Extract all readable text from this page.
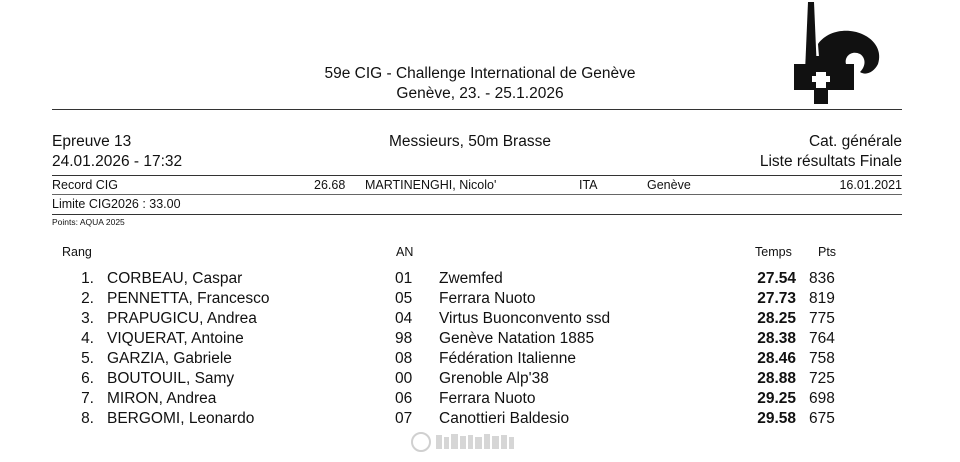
59e CIG - Challenge International de Genève
Genève, 23. - 25.1.2026
Epreuve 13
24.01.2026 - 17:32
Messieurs, 50m Brasse	Cat. générale
Liste résultats Finale
Record CIG	26.68 MARTINENGHI, Nicolo'	ITA	Genève	16.01.2021
Limite CIG2026 : 33.00
Points: AQUA 2025
Rang	AN	Temps Pts
1. CORBEAU, Caspar	01 Zwemfed	27.54 836
2. PENNETTA, Francesco	05 Ferrara Nuoto	27.73 819
3. PRAPUGICU, Andrea	04 Virtus Buonconvento ssd	28.25 775
4. VIQUERAT, Antoine	98 Genève Natation 1885	28.38 764
5. GARZIA, Gabriele	08 Fédération Italienne	28.46 758
6. BOUTOUIL, Samy	00 Grenoble Alp'38	28.88 725
7. MIRON, Andrea	06 Ferrara Nuoto	29.25 698
8. BERGOMI, Leonardo	07 Canottieri Baldesio	29.58 675
